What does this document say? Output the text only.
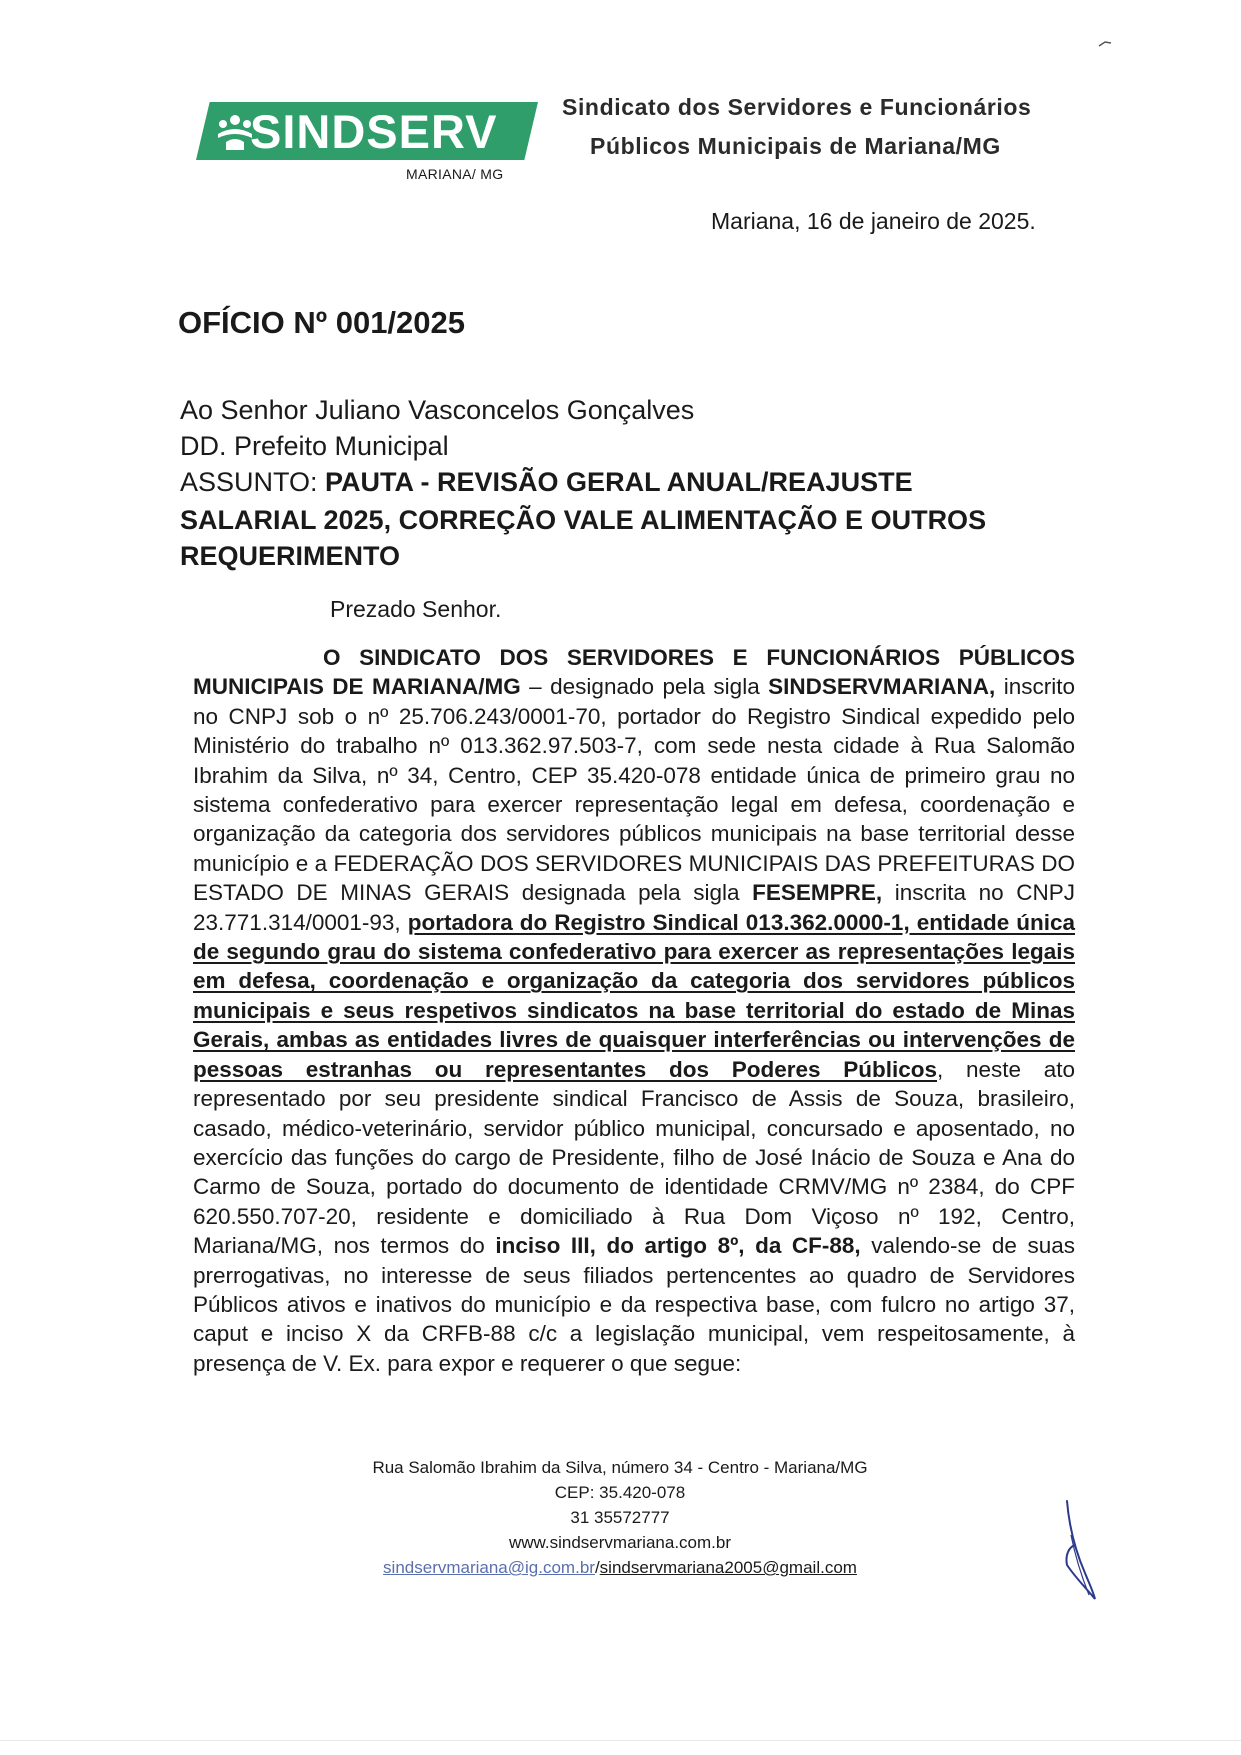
SINDSERV
MARIANA/ MG
Sindicato dos Servidores e Funcionários
Públicos Municipais de Mariana/MG
Mariana, 16 de janeiro de 2025.
OFÍCIO Nº 001/2025
Ao Senhor Juliano Vasconcelos Gonçalves
DD. Prefeito Municipal
ASSUNTO: PAUTA - REVISÃO GERAL ANUAL/REAJUSTE
SALARIAL 2025, CORREÇÃO VALE ALIMENTAÇÃO E OUTROS
REQUERIMENTO
Prezado Senhor.

O SINDICATO DOS SERVIDORES E FUNCIONÁRIOS PÚBLICOS MUNICIPAIS DE MARIANA/MG – designado pela sigla SINDSERVMARIANA, inscrito no CNPJ sob o nº 25.706.243/0001-70, portador do Registro Sindical expedido pelo Ministério do trabalho nº 013.362.97.503-7, com sede nesta cidade à Rua Salomão Ibrahim da Silva, nº 34, Centro, CEP 35.420-078 entidade única de primeiro grau no sistema confederativo para exercer representação legal em defesa, coordenação e organização da categoria dos servidores públicos municipais na base territorial desse município e a FEDERAÇÃO DOS SERVIDORES MUNICIPAIS DAS PREFEITURAS DO ESTADO DE MINAS GERAIS designada pela sigla FESEMPRE, inscrita no CNPJ 23.771.314/0001-93, portadora do Registro Sindical 013.362.0000-1, entidade única de segundo grau do sistema confederativo para exercer as representações legais em defesa, coordenação e organização da categoria dos servidores públicos municipais e seus respetivos sindicatos na base territorial do estado de Minas Gerais, ambas as entidades livres de quaisquer interferências ou intervenções de pessoas estranhas ou representantes dos Poderes Públicos, neste ato representado por seu presidente sindical Francisco de Assis de Souza, brasileiro, casado, médico-veterinário, servidor público municipal, concursado e aposentado, no exercício das funções do cargo de Presidente, filho de José Inácio de Souza e Ana do Carmo de Souza, portado do documento de identidade CRMV/MG nº 2384, do CPF 620.550.707-20, residente e domiciliado à Rua Dom Viçoso nº 192, Centro, Mariana/MG, nos termos do inciso III, do artigo 8º, da CF-88, valendo-se de suas prerrogativas, no interesse de seus filiados pertencentes ao quadro de Servidores Públicos ativos e inativos do município e da respectiva base, com fulcro no artigo 37, caput e inciso X da CRFB-88 c/c a legislação municipal, vem respeitosamente, à presença de V. Ex. para expor e requerer o que segue:

Rua Salomão Ibrahim da Silva, número 34 - Centro - Mariana/MG
CEP: 35.420-078
31 35572777
www.sindservmariana.com.br
sindservmariana@ig.com.br/sindservmariana2005@gmail.com
